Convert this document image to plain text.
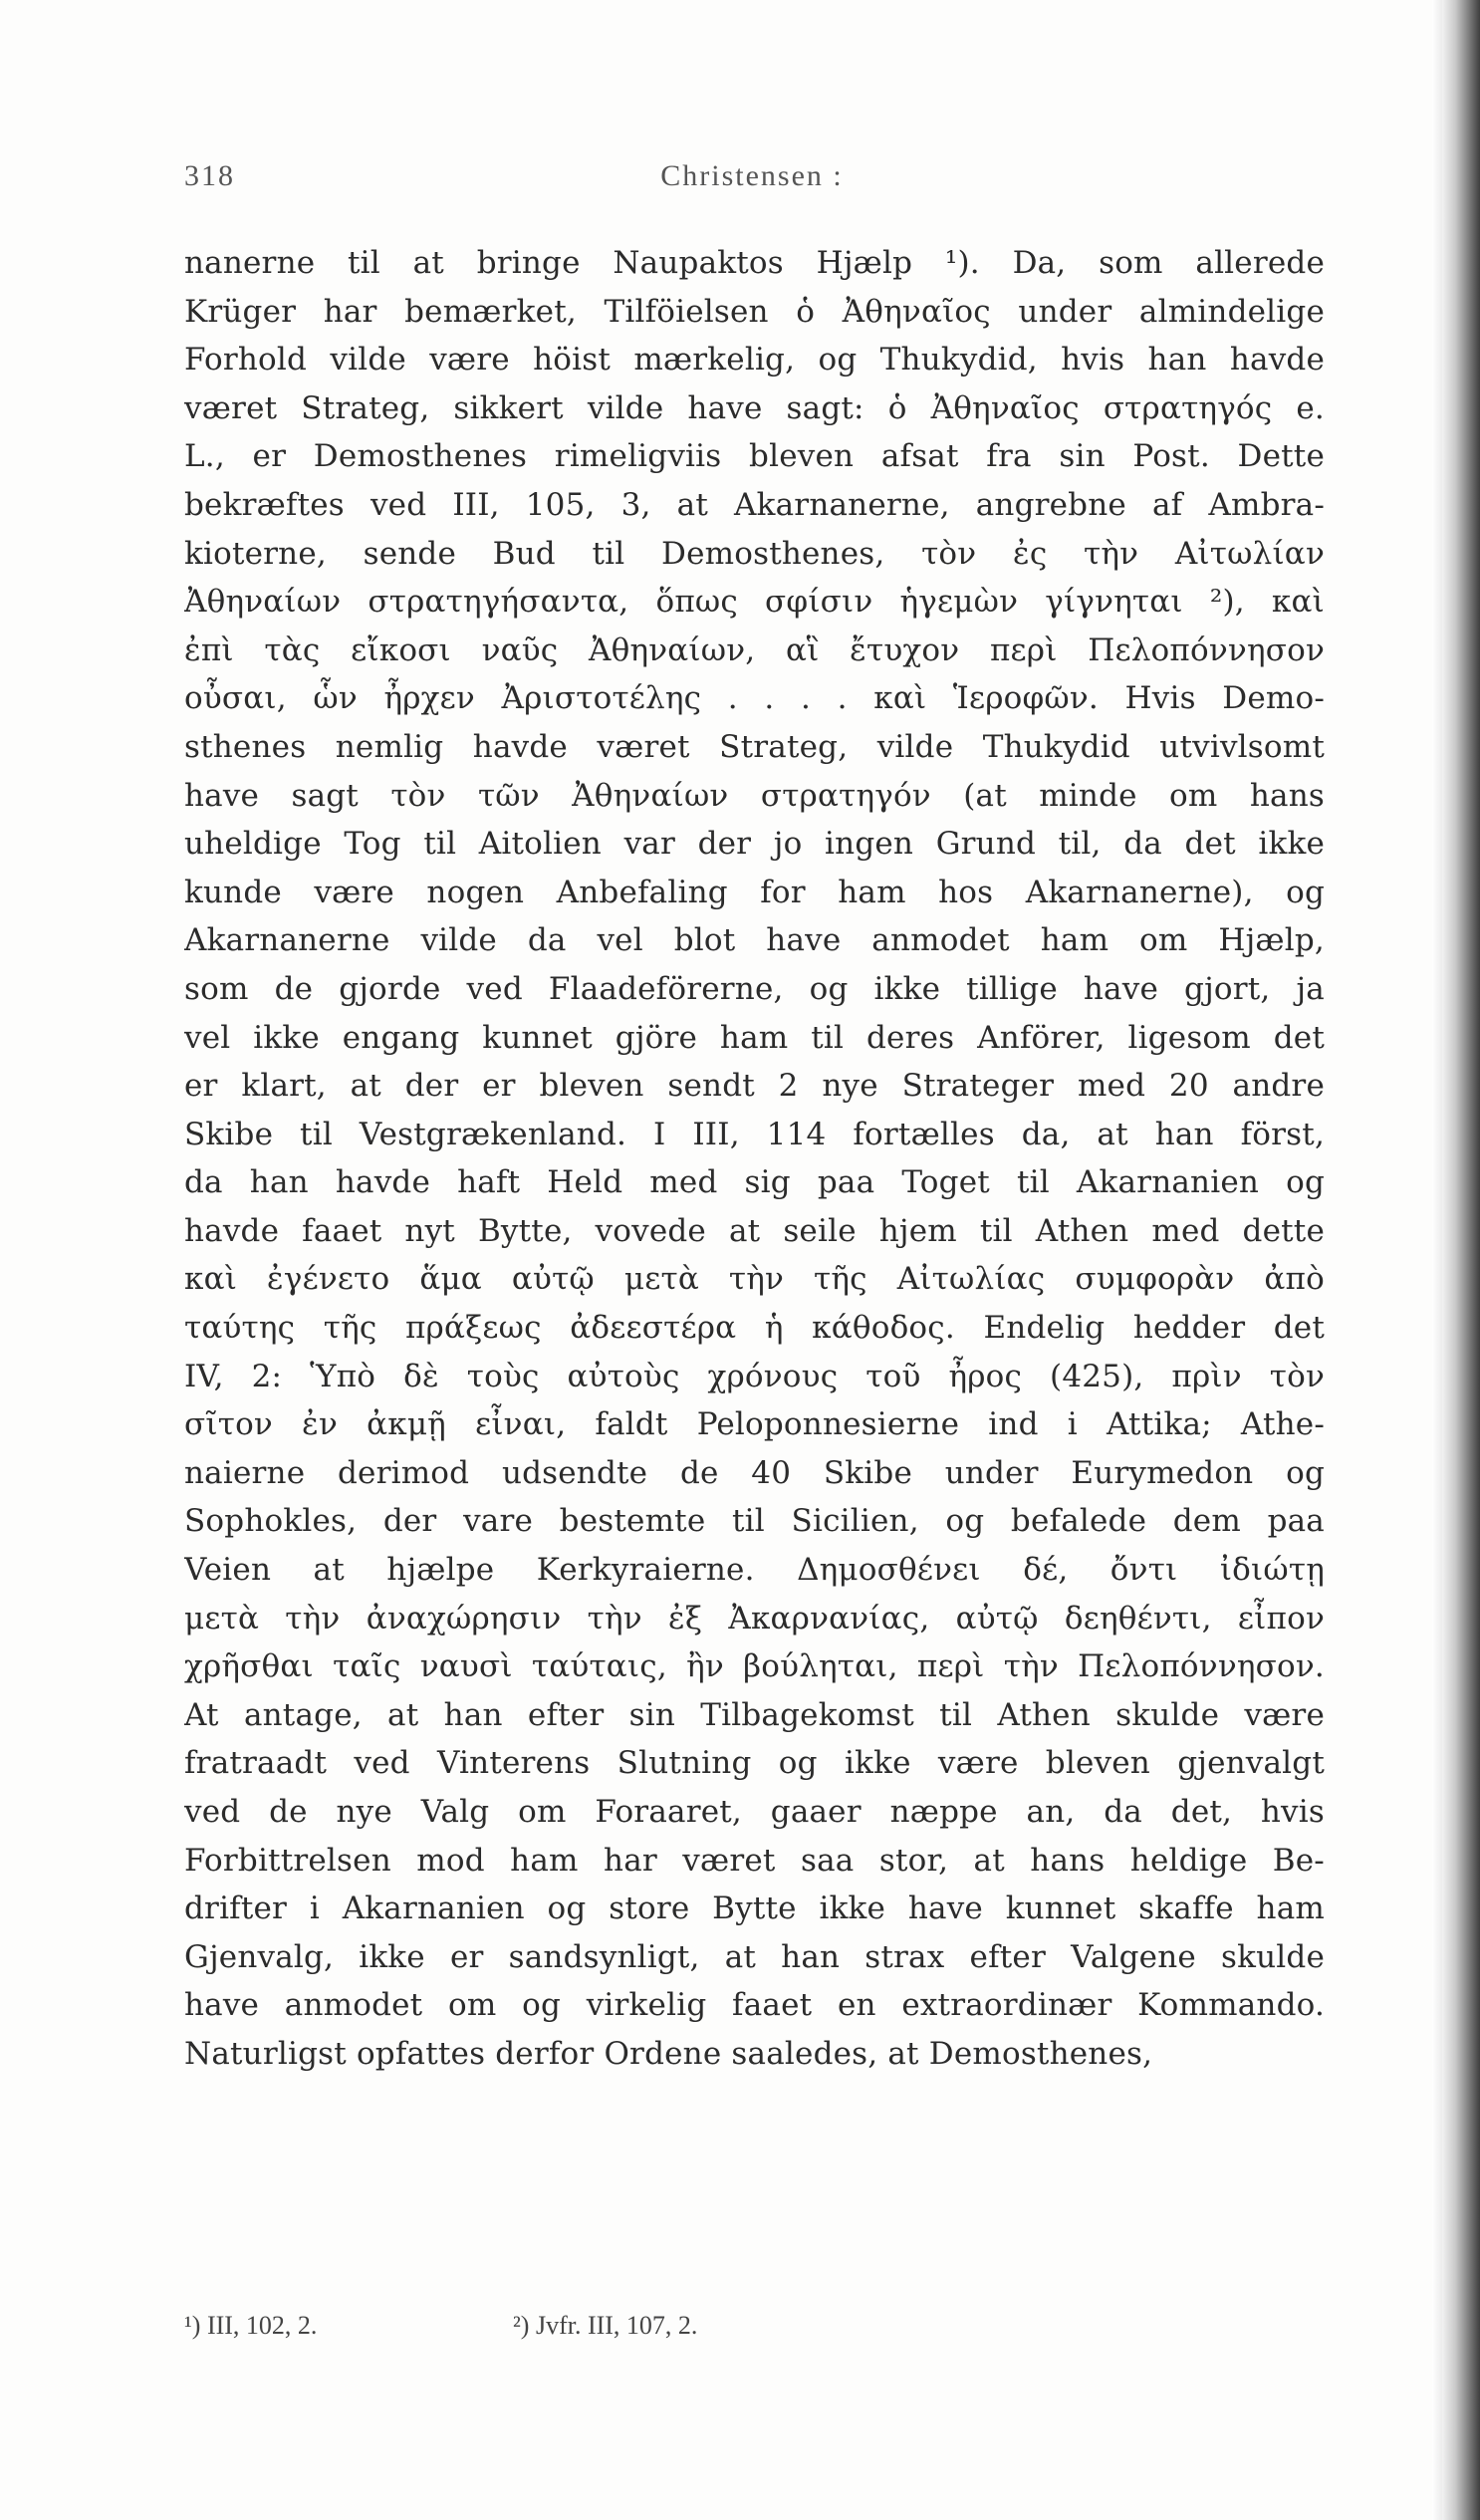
318	Christensen :
nanerne til at bringe Naupaktos Hjælp ¹). Da, som allerede
Krüger har bemærket, Tilföielsen ὁ Ἀθηναῖος under almindelige
Forhold vilde være höist mærkelig, og Thukydid, hvis han havde
været Strateg, sikkert vilde have sagt: ὁ Ἀθηναῖος στρατηγός e.
L., er Demosthenes rimeligviis bleven afsat fra sin Post. Dette
bekræftes ved III, 105, 3, at Akarnanerne, angrebne af Ambra-
kioterne, sende Bud til Demosthenes, τὸν ἐς τὴν Αἰτωλίαν
Ἀθηναίων στρατηγήσαντα, ὅπως σφίσιν ἡγεμὼν γίγνηται ²), καὶ
ἐπὶ τὰς εἴκοσι ναῦς Ἀθηναίων, αἳ ἔτυχον περὶ Πελοπόννησον
οὖσαι, ὧν ἦρχεν Ἀριστοτέλης . . . . καὶ Ἱεροφῶν. Hvis Demo-
sthenes nemlig havde været Strateg, vilde Thukydid utvivlsomt
have sagt τὸν τῶν Ἀθηναίων στρατηγόν (at minde om hans
uheldige Tog til Aitolien var der jo ingen Grund til, da det ikke
kunde være nogen Anbefaling for ham hos Akarnanerne), og
Akarnanerne vilde da vel blot have anmodet ham om Hjælp,
som de gjorde ved Flaadeförerne, og ikke tillige have gjort, ja
vel ikke engang kunnet gjöre ham til deres Anförer, ligesom det
er klart, at der er bleven sendt 2 nye Strateger med 20 andre
Skibe til Vestgrækenland. I III, 114 fortælles da, at han först,
da han havde haft Held med sig paa Toget til Akarnanien og
havde faaet nyt Bytte, vovede at seile hjem til Athen med dette
καὶ ἐγένετο ἅμα αὐτῷ μετὰ τὴν τῆς Αἰτωλίας συμφορὰν ἀπὸ
ταύτης τῆς πράξεως ἀδεεστέρα ἡ κάθοδος. Endelig hedder det
IV, 2: Ὑπὸ δὲ τοὺς αὐτοὺς χρόνους τοῦ ἦρος (425), πρὶν τὸν
σῖτον ἐν ἀκμῇ εἶναι, faldt Peloponnesierne ind i Attika; Athe-
naierne derimod udsendte de 40 Skibe under Eurymedon og
Sophokles, der vare bestemte til Sicilien, og befalede dem paa
Veien at hjælpe Kerkyraierne. Δημοσθένει δέ, ὄντι ἰδιώτῃ
μετὰ τὴν ἀναχώρησιν τὴν ἐξ Ἀκαρνανίας, αὐτῷ δεηθέντι, εἶπον
χρῆσθαι ταῖς ναυσὶ ταύταις, ἢν βούληται, περὶ τὴν Πελοπόννησον.
At antage, at han efter sin Tilbagekomst til Athen skulde være
fratraadt ved Vinterens Slutning og ikke være bleven gjenvalgt
ved de nye Valg om Foraaret, gaaer næppe an, da det, hvis
Forbittrelsen mod ham har været saa stor, at hans heldige Be-
drifter i Akarnanien og store Bytte ikke have kunnet skaffe ham
Gjenvalg, ikke er sandsynligt, at han strax efter Valgene skulde
have anmodet om og virkelig faaet en extraordinær Kommando.
Naturligst opfattes derfor Ordene saaledes, at Demosthenes,
¹) III, 102, 2.	²) Jvfr. III, 107, 2.
